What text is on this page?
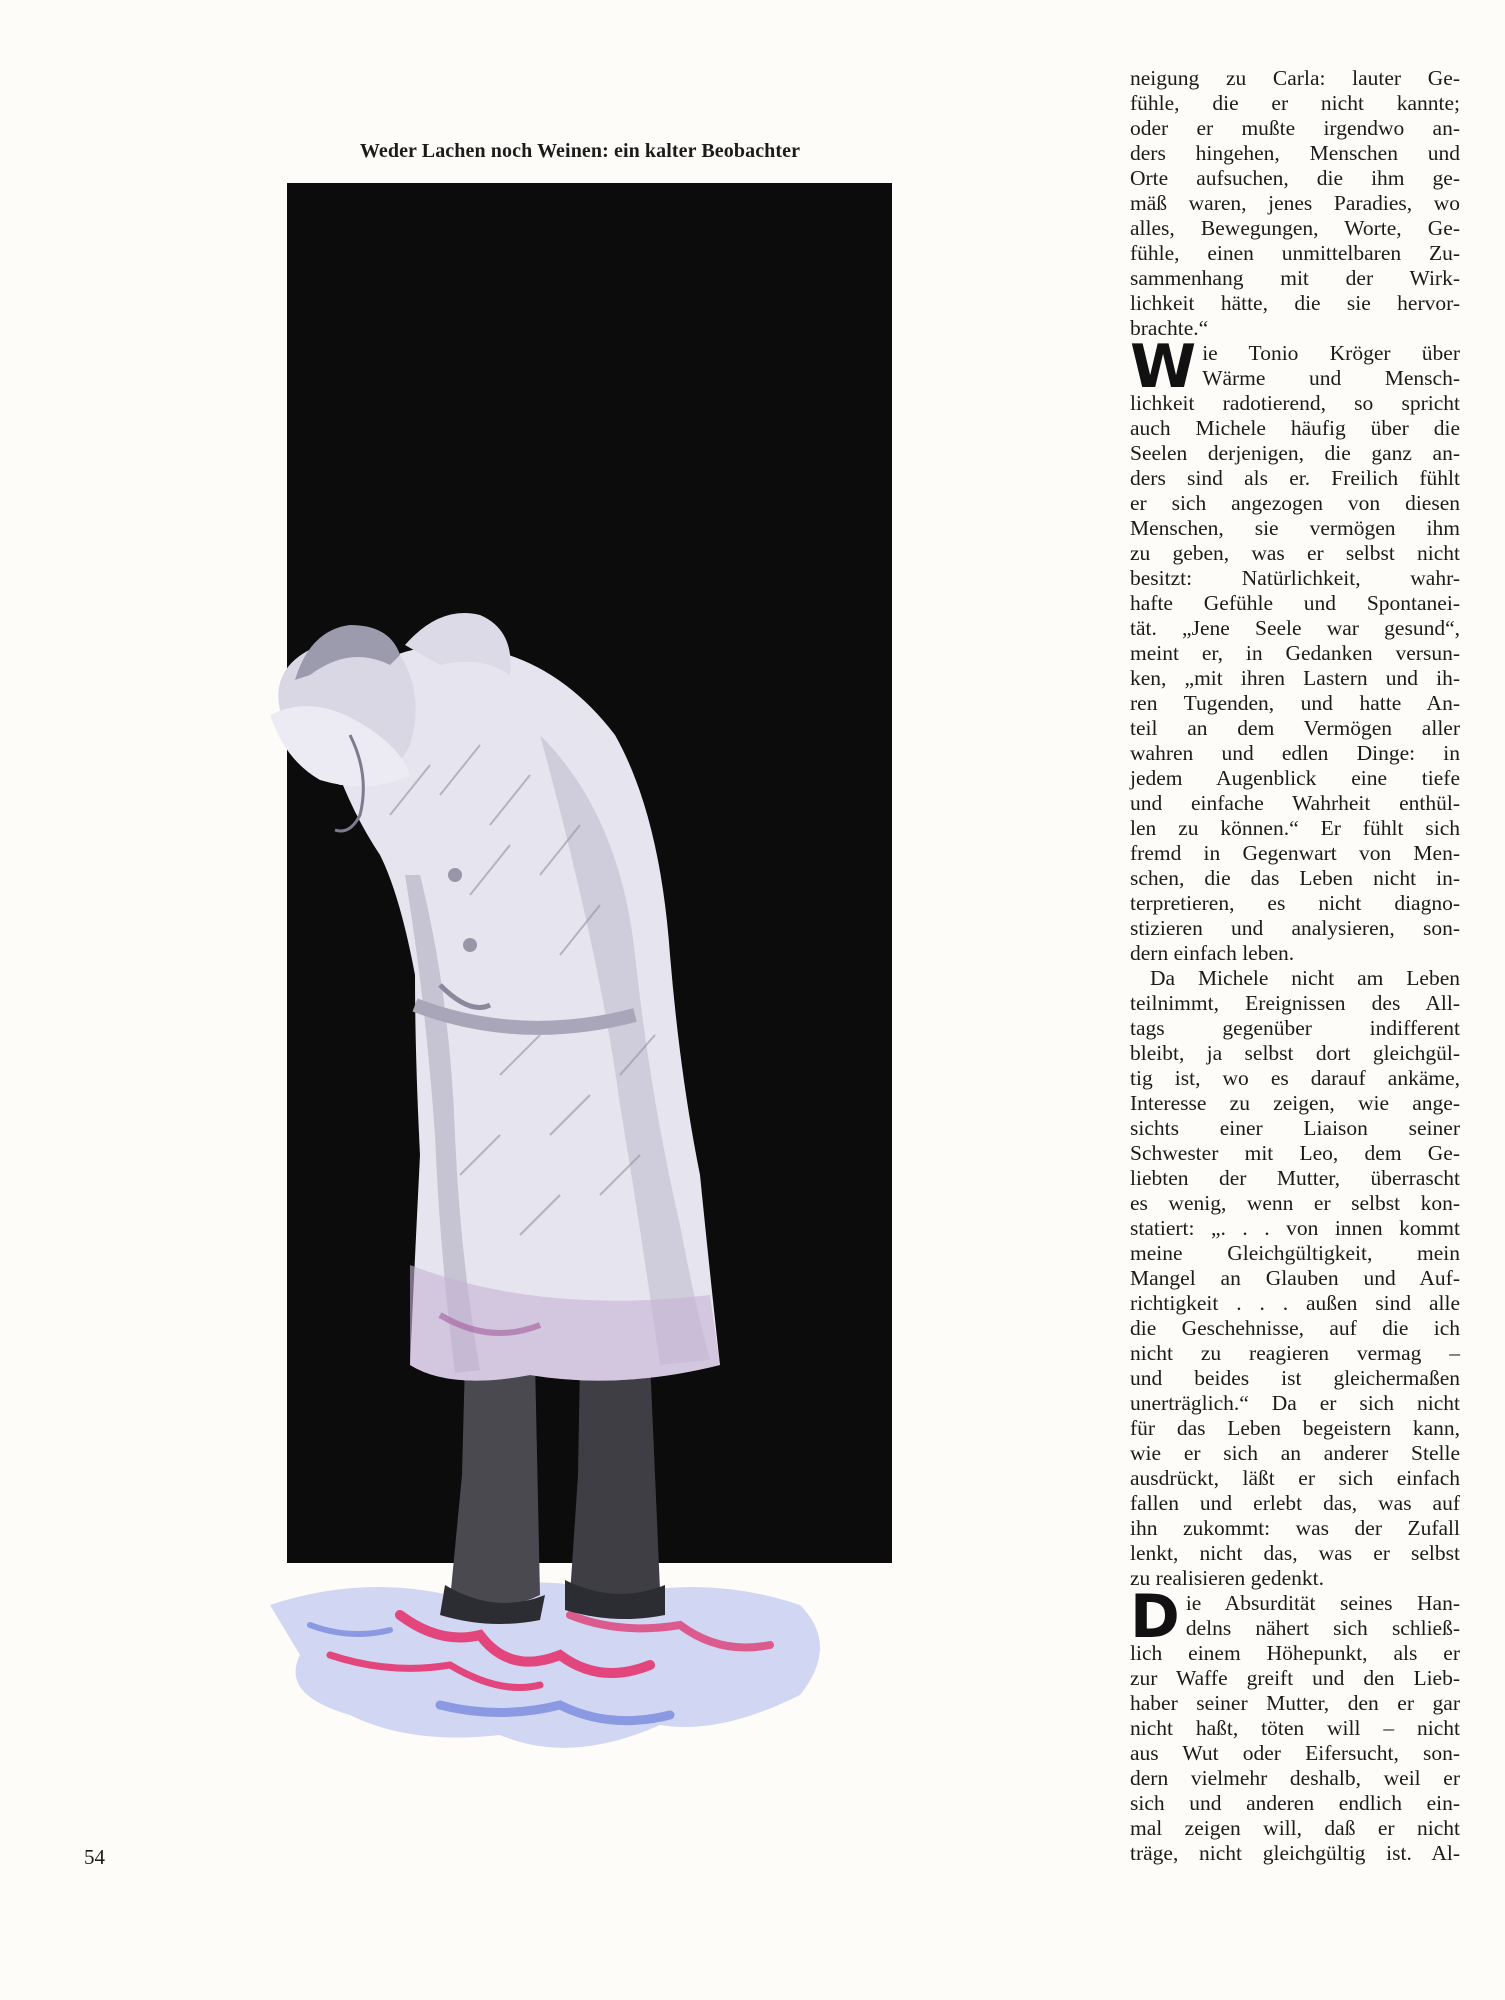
Weder Lachen noch Weinen: ein kalter Beobachter

neigung zu Carla: lauter Ge-
fühle, die er nicht kannte;
oder er mußte irgendwo an-
ders hingehen, Menschen und
Orte aufsuchen, die ihm ge-
mäß waren, jenes Paradies, wo
alles, Bewegungen, Worte, Ge-
fühle, einen unmittelbaren Zu-
sammenhang mit der Wirk-
lichkeit hätte, die sie hervor-
brachte.“

W ie Tonio Kröger über
Wärme und Mensch-
lichkeit radotierend, so spricht
auch Michele häufig über die
Seelen derjenigen, die ganz an-
ders sind als er. Freilich fühlt
er sich angezogen von diesen
Menschen, sie vermögen ihm
zu geben, was er selbst nicht
besitzt: Natürlichkeit, wahr-
hafte Gefühle und Spontanei-
tät. „Jene Seele war gesund“,
meint er, in Gedanken versun-
ken, „mit ihren Lastern und ih-
ren Tugenden, und hatte An-
teil an dem Vermögen aller
wahren und edlen Dinge: in
jedem Augenblick eine tiefe
und einfache Wahrheit enthül-
len zu können.“ Er fühlt sich
fremd in Gegenwart von Men-
schen, die das Leben nicht in-
terpretieren, es nicht diagno-
stizieren und analysieren, son-
dern einfach leben.

Da Michele nicht am Leben
teilnimmt, Ereignissen des All-
tags gegenüber indifferent
bleibt, ja selbst dort gleichgül-
tig ist, wo es darauf ankäme,
Interesse zu zeigen, wie ange-
sichts einer Liaison seiner
Schwester mit Leo, dem Ge-
liebten der Mutter, überrascht
es wenig, wenn er selbst kon-
statiert: „. . . von innen kommt
meine Gleichgültigkeit, mein
Mangel an Glauben und Auf-
richtigkeit . . . außen sind alle
die Geschehnisse, auf die ich
nicht zu reagieren vermag –
und beides ist gleichermaßen
unerträglich.“ Da er sich nicht
für das Leben begeistern kann,
wie er sich an anderer Stelle
ausdrückt, läßt er sich einfach
fallen und erlebt das, was auf
ihn zukommt: was der Zufall
lenkt, nicht das, was er selbst
zu realisieren gedenkt.

D ie Absurdität seines Han-
delns nähert sich schließ-
lich einem Höhepunkt, als er
zur Waffe greift und den Lieb-
haber seiner Mutter, den er gar
nicht haßt, töten will – nicht
aus Wut oder Eifersucht, son-
dern vielmehr deshalb, weil er
sich und anderen endlich ein-
mal zeigen will, daß er nicht
träge, nicht gleichgültig ist. Al-

54
